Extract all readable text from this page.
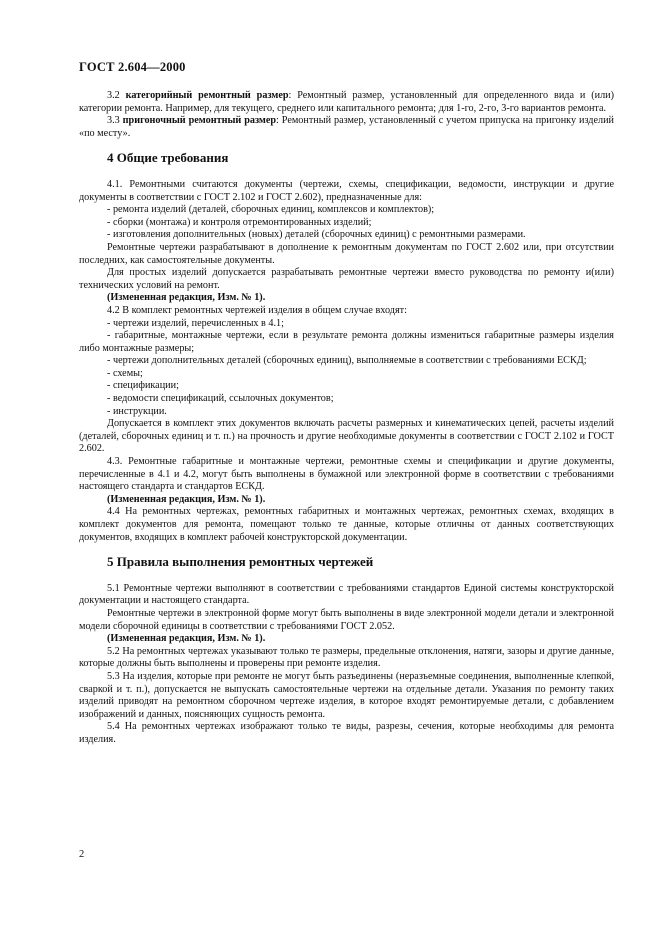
ГОСТ 2.604—2000

3.2 категорийный ремонтный размер: Ремонтный размер, установленный для определенного вида и (или) категории ремонта. Например, для текущего, среднего или капитального ремонта; для 1-го, 2-го, 3-го вариантов ремонта.

3.3 пригоночный ремонтный размер: Ремонтный размер, установленный с учетом припуска на пригонку изделий «по месту».

4 Общие требования

4.1. Ремонтными считаются документы (чертежи, схемы, спецификации, ведомости, инструкции и другие документы в соответствии с ГОСТ 2.102 и ГОСТ 2.602), предназначенные для:

- ремонта изделий (деталей, сборочных единиц, комплексов и комплектов);

- сборки (монтажа) и контроля отремонтированных изделий;

- изготовления дополнительных (новых) деталей (сборочных единиц) с ремонтными размерами.

Ремонтные чертежи разрабатывают в дополнение к ремонтным документам по ГОСТ 2.602 или, при отсутствии последних, как самостоятельные документы.

Для простых изделий допускается разрабатывать ремонтные чертежи вместо руководства по ремонту и(или) технических условий на ремонт.

(Измененная редакция, Изм. № 1).

4.2 В комплект ремонтных чертежей изделия в общем случае входят:

- чертежи изделий, перечисленных в 4.1;

- габаритные, монтажные чертежи, если в результате ремонта должны измениться габаритные размеры изделия либо монтажные размеры;

- чертежи дополнительных деталей (сборочных единиц), выполняемые в соответствии с требованиями ЕСКД;

- схемы;

- спецификации;

- ведомости спецификаций, ссылочных документов;

- инструкции.

Допускается в комплект этих документов включать расчеты размерных и кинематических цепей, расчеты изделий (деталей, сборочных единиц и т. п.) на прочность и другие необходимые документы в соответствии с ГОСТ 2.102 и ГОСТ 2.602.

4.3. Ремонтные габаритные и монтажные чертежи, ремонтные схемы и спецификации и другие документы, перечисленные в 4.1 и 4.2, могут быть выполнены в бумажной или электронной форме в соответствии с требованиями настоящего стандарта и стандартов ЕСКД.

(Измененная редакция, Изм. № 1).

4.4 На ремонтных чертежах, ремонтных габаритных и монтажных чертежах, ремонтных схемах, входящих в комплект документов для ремонта, помещают только те данные, которые отличны от данных соответствующих документов, входящих в комплект рабочей конструкторской документации.

5 Правила выполнения ремонтных чертежей

5.1 Ремонтные чертежи выполняют в соответствии с требованиями стандартов Единой системы конструкторской документации и настоящего стандарта.

Ремонтные чертежи в электронной форме могут быть выполнены в виде электронной модели детали и электронной модели сборочной единицы в соответствии с требованиями ГОСТ 2.052.

(Измененная редакция, Изм. № 1).

5.2 На ремонтных чертежах указывают только те размеры, предельные отклонения, натяги, зазоры и другие данные, которые должны быть выполнены и проверены при ремонте изделия.

5.3 На изделия, которые при ремонте не могут быть разъединены (неразъемные соединения, выполненные клепкой, сваркой и т. п.), допускается не выпускать самостоятельные чертежи на отдельные детали. Указания по ремонту таких изделий приводят на ремонтном сборочном чертеже изделия, в которое входят ремонтируемые детали, с добавлением изображений и данных, поясняющих сущность ремонта.

5.4 На ремонтных чертежах изображают только те виды, разрезы, сечения, которые необходимы для ремонта изделия.

2
